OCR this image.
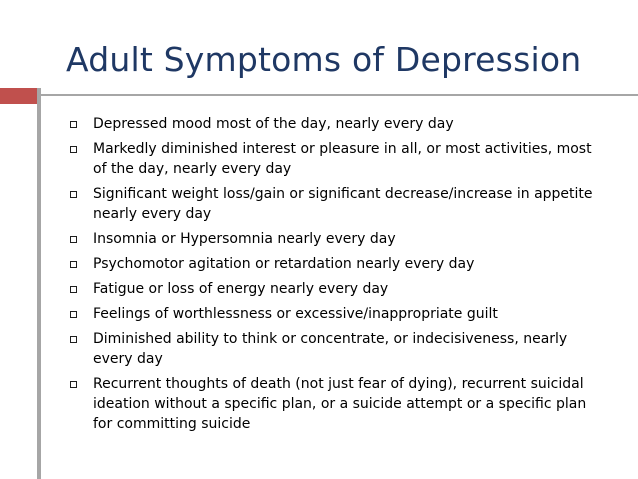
Adult Symptoms of Depression
Depressed mood most of the day, nearly every day
Markedly diminished interest or pleasure in all, or most activities, most of the day, nearly every day
Significant weight loss/gain or significant decrease/increase in appetite nearly every day
Insomnia or Hypersomnia nearly every day
Psychomotor agitation or retardation nearly every day
Fatigue or loss of energy nearly every day
Feelings of worthlessness or excessive/inappropriate guilt
Diminished ability to think or concentrate, or indecisiveness, nearly every day
Recurrent thoughts of death (not just fear of dying), recurrent suicidal ideation without a specific plan, or a suicide attempt or a specific plan for committing suicide
